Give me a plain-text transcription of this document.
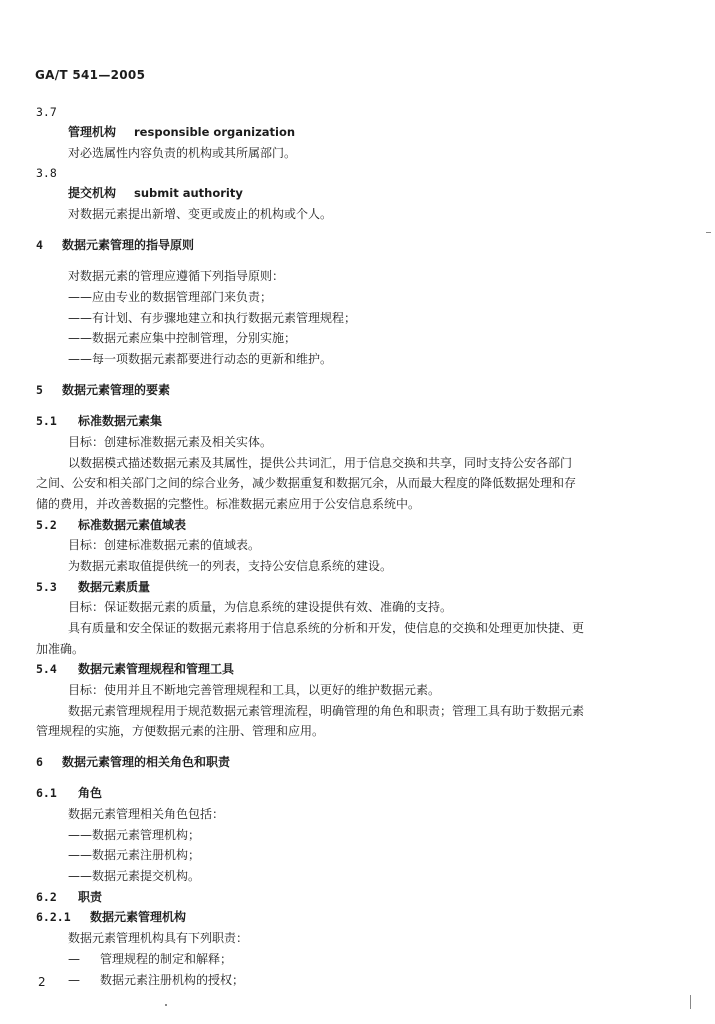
GA/T 541—2005
3.7
管理机构 responsible organization
对必选属性内容负责的机构或其所属部门。
3.8
提交机构 submit authority
对数据元素提出新增、变更或废止的机构或个人。
4 数据元素管理的指导原则
对数据元素的管理应遵循下列指导原则：
——应由专业的数据管理部门来负责；
——有计划、有步骤地建立和执行数据元素管理规程；
——数据元素应集中控制管理，分别实施；
——每一项数据元素都要进行动态的更新和维护。
5 数据元素管理的要素
5.1 标准数据元素集
目标：创建标准数据元素及相关实体。
以数据模式描述数据元素及其属性，提供公共词汇，用于信息交换和共享，同时支持公安各部门
之间、公安和相关部门之间的综合业务，减少数据重复和数据冗余，从而最大程度的降低数据处理和存
储的费用，并改善数据的完整性。标准数据元素应用于公安信息系统中。
5.2 标准数据元素值域表
目标：创建标准数据元素的值域表。
为数据元素取值提供统一的列表，支持公安信息系统的建设。
5.3 数据元素质量
目标：保证数据元素的质量，为信息系统的建设提供有效、准确的支持。
具有质量和安全保证的数据元素将用于信息系统的分析和开发，使信息的交换和处理更加快捷、更
加准确。
5.4 数据元素管理规程和管理工具
目标：使用并且不断地完善管理规程和工具，以更好的维护数据元素。
数据元素管理规程用于规范数据元素管理流程，明确管理的角色和职责；管理工具有助于数据元素
管理规程的实施，方便数据元素的注册、管理和应用。
6 数据元素管理的相关角色和职责
6.1 角色
数据元素管理相关角色包括：
——数据元素管理机构；
——数据元素注册机构；
——数据元素提交机构。
6.2 职责
6.2.1 数据元素管理机构
数据元素管理机构具有下列职责：
— 管理规程的制定和解释；
— 数据元素注册机构的授权；
2
